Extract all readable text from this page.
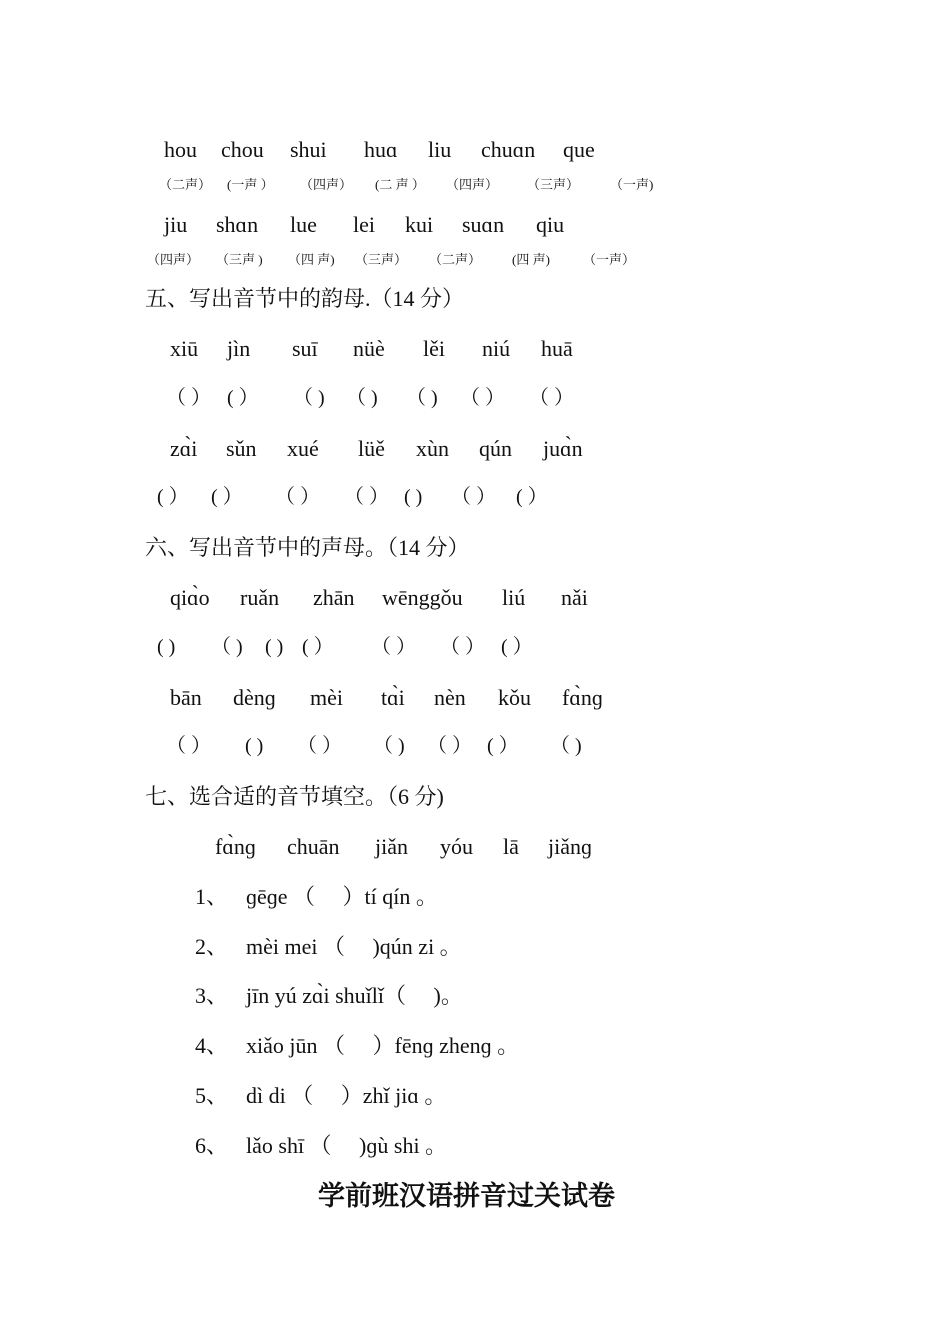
hou chou shui huɑ liu chuɑn que
（二声） (一声 ） （四声） (二 声 ） （四声） （三声） （一声)
jiu shɑn lue lei kui suɑn qiu
（四声） （三声 ) （四 声) （三声） （二声） (四 声)	（一声）
五、写出音节中的韵母.（14 分）
xiū jìn suī nüè lěi niú huā
（ ） ( ） （ ) （ ) （ ) （ ） （ ）
zɑ̀i sǔn xué lüě xùn qún juɑ̀n
( ） ( ） （ ） （ ） ( ) （ ） ( ）
六、写出音节中的声母。（14 分）
qiɑ̀o ruǎn zhān wēnggǒu liú nǎi
( ) （ ) ( ) ( ） （ ） （ ） ( ）
bān dènɡ mèi tɑ̀i nèn kǒu fɑ̀nɡ
（ ） ( ) （ ） （ ) （ ） ( ） （ )
七、选合适的音节填空。（6 分)
fɑ̀nɡ chuān jiǎn yóu lā jiǎnɡ
1、 ɡēɡe （　 ）tí qín 。
2、 mèi mei （　 )qún zi 。
3、 jīn yú zɑ̀i shuǐlǐ（　 )。
4、 xiǎo jūn （　 ）fēnɡ zhenɡ 。
5、 dì di （　 ）zhǐ jiɑ 。
6、 lǎo shī （　 )ɡù shi 。
学前班汉语拼音过关试卷
